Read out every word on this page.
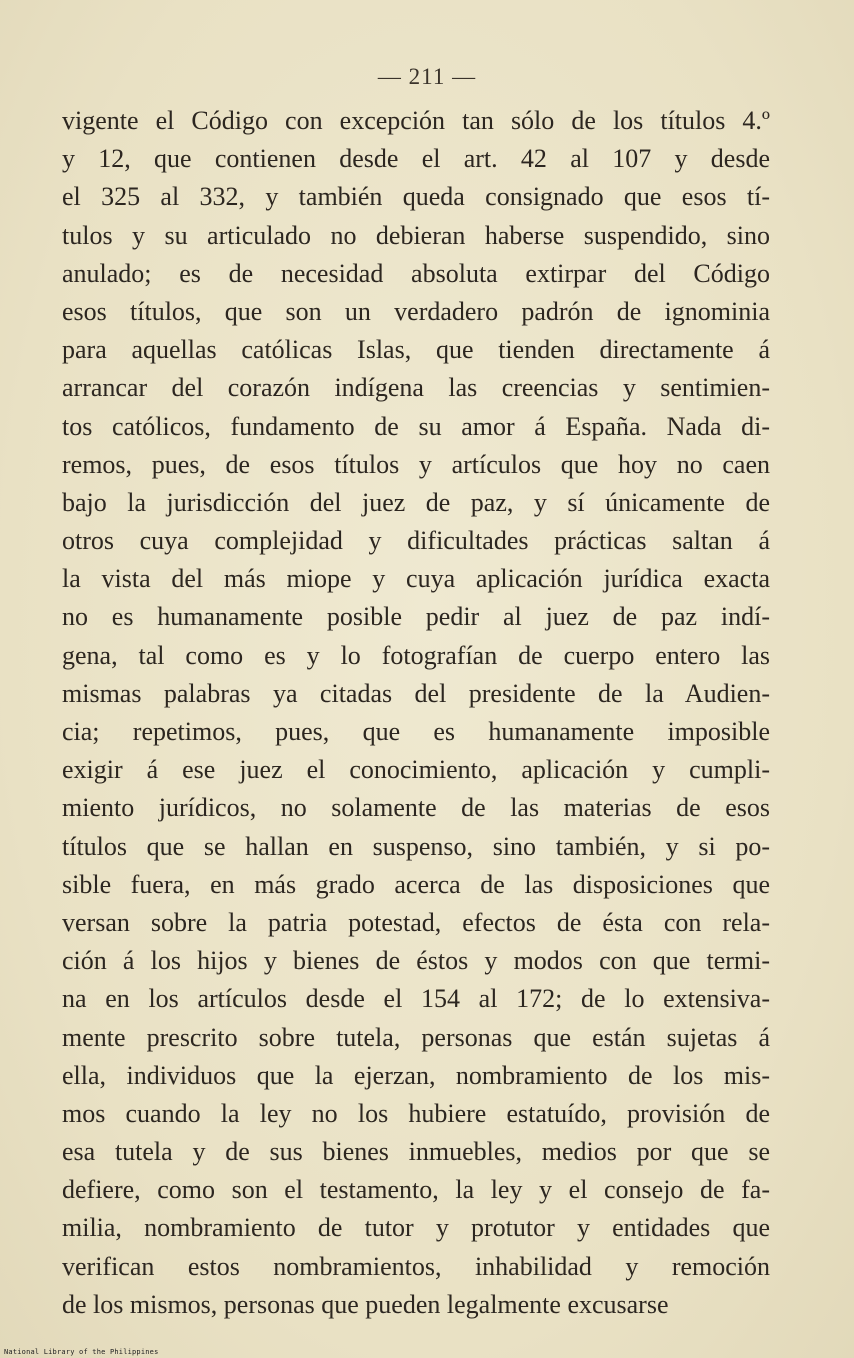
— 211 —
vigente el Código con excepción tan sólo de los títulos 4.º
y 12, que contienen desde el art. 42 al 107 y desde
el 325 al 332, y también queda consignado que esos tí-
tulos y su articulado no debieran haberse suspendido, sino
anulado; es de necesidad absoluta extirpar del Código
esos títulos, que son un verdadero padrón de ignominia
para aquellas católicas Islas, que tienden directamente á
arrancar del corazón indígena las creencias y sentimien-
tos católicos, fundamento de su amor á España. Nada di-
remos, pues, de esos títulos y artículos que hoy no caen
bajo la jurisdicción del juez de paz, y sí únicamente de
otros cuya complejidad y dificultades prácticas saltan á
la vista del más miope y cuya aplicación jurídica exacta
no es humanamente posible pedir al juez de paz indí-
gena, tal como es y lo fotografían de cuerpo entero las
mismas palabras ya citadas del presidente de la Audien-
cia; repetimos, pues, que es humanamente imposible
exigir á ese juez el conocimiento, aplicación y cumpli-
miento jurídicos, no solamente de las materias de esos
títulos que se hallan en suspenso, sino también, y si po-
sible fuera, en más grado acerca de las disposiciones que
versan sobre la patria potestad, efectos de ésta con rela-
ción á los hijos y bienes de éstos y modos con que termi-
na en los artículos desde el 154 al 172; de lo extensiva-
mente prescrito sobre tutela, personas que están sujetas á
ella, individuos que la ejerzan, nombramiento de los mis-
mos cuando la ley no los hubiere estatuído, provisión de
esa tutela y de sus bienes inmuebles, medios por que se
defiere, como son el testamento, la ley y el consejo de fa-
milia, nombramiento de tutor y protutor y entidades que
verifican estos nombramientos, inhabilidad y remoción
de los mismos, personas que pueden legalmente excusarse
National Library of the Philippines
